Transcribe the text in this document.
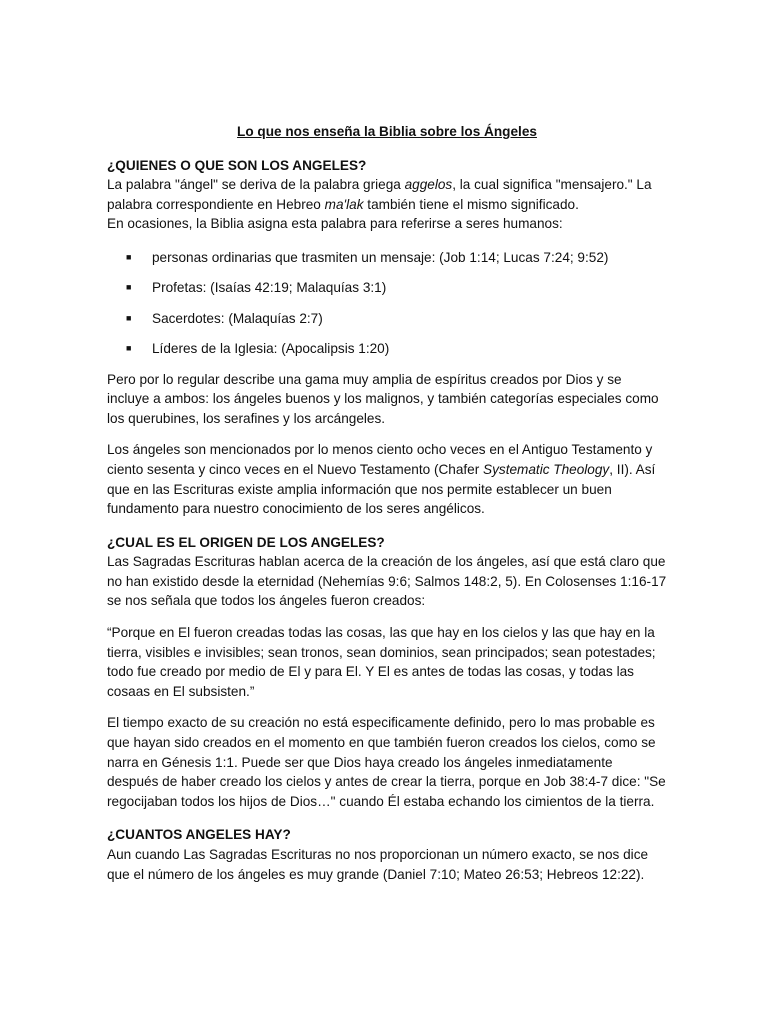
Lo que nos enseña la Biblia sobre los Ángeles

¿QUIENES O QUE SON LOS ANGELES?

La palabra "ángel" se deriva de la palabra griega aggelos, la cual significa "mensajero." La palabra correspondiente en Hebreo ma'lak también tiene el mismo significado.

En ocasiones, la Biblia asigna esta palabra para referirse a seres humanos:

■ personas ordinarias que trasmiten un mensaje: (Job 1:14; Lucas 7:24; 9:52)
■ Profetas: (Isaías 42:19; Malaquías 3:1)
■ Sacerdotes: (Malaquías 2:7)
■ Líderes de la Iglesia: (Apocalipsis 1:20)

Pero por lo regular describe una gama muy amplia de espíritus creados por Dios y se incluye a ambos: los ángeles buenos y los malignos, y también categorías especiales como los querubines, los serafines y los arcángeles.

Los ángeles son mencionados por lo menos ciento ocho veces en el Antiguo Testamento y ciento sesenta y cinco veces en el Nuevo Testamento (Chafer Systematic Theology, II). Así que en las Escrituras existe amplia información que nos permite establecer un buen fundamento para nuestro conocimiento de los seres angélicos.

¿CUAL ES EL ORIGEN DE LOS ANGELES?

Las Sagradas Escrituras hablan acerca de la creación de los ángeles, así que está claro que no han existido desde la eternidad (Nehemías 9:6; Salmos 148:2, 5). En Colosenses 1:16-17 se nos señala que todos los ángeles fueron creados:

“Porque en El fueron creadas todas las cosas, las que hay en los cielos y las que hay en la tierra, visibles e invisibles; sean tronos, sean dominios, sean principados; sean potestades; todo fue creado por medio de El y para El. Y El es antes de todas las cosas, y todas las cosaas en El subsisten.”

El tiempo exacto de su creación no está especificamente definido, pero lo mas probable es que hayan sido creados en el momento en que también fueron creados los cielos, como se narra en Génesis 1:1. Puede ser que Dios haya creado los ángeles inmediatamente después de haber creado los cielos y antes de crear la tierra, porque en Job 38:4-7 dice: "Se regocijaban todos los hijos de Dios…" cuando Él estaba echando los cimientos de la tierra.

¿CUANTOS ANGELES HAY?

Aun cuando Las Sagradas Escrituras no nos proporcionan un número exacto, se nos dice que el número de los ángeles es muy grande (Daniel 7:10; Mateo 26:53; Hebreos 12:22).
